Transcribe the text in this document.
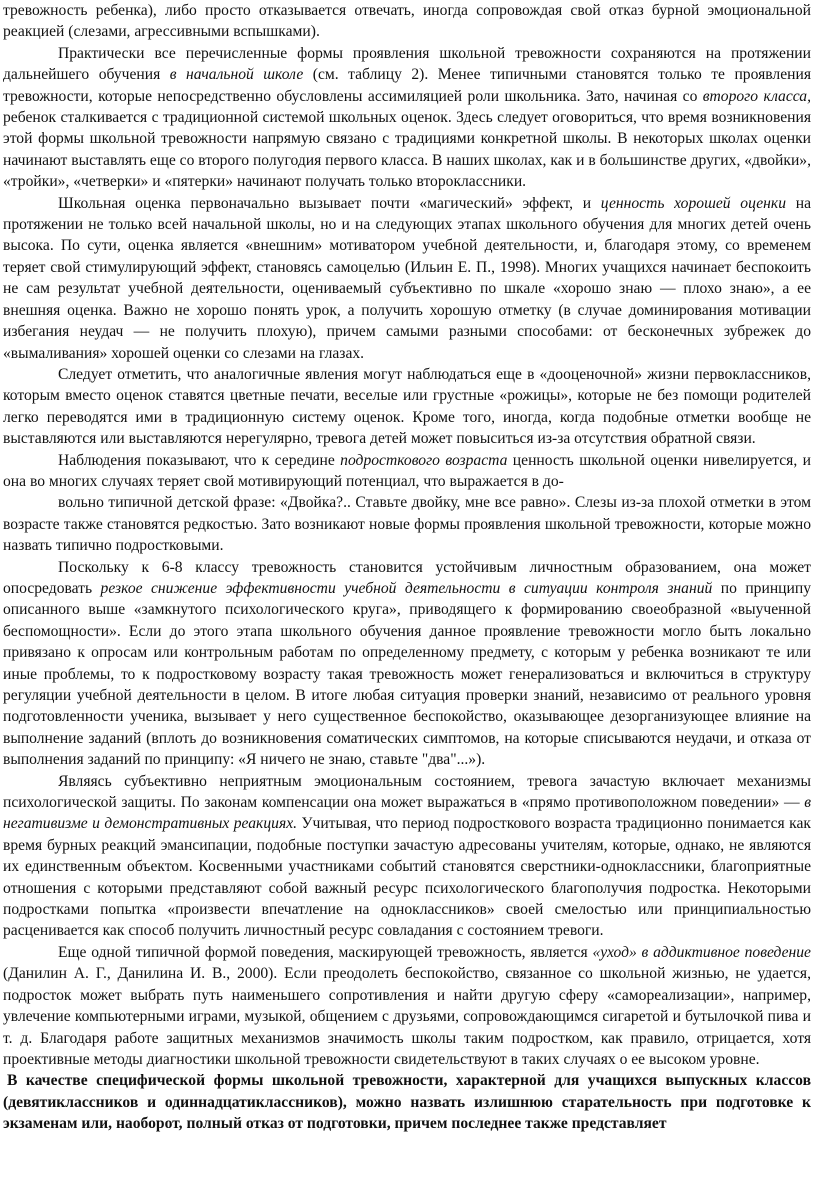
тревожность ребенка), либо просто отказывается отвечать, иногда сопровождая свой отказ бурной эмоциональной реакцией (слезами, агрессивными вспышками).

Практически все перечисленные формы проявления школьной тревожности сохраняются на протяжении дальнейшего обучения в начальной школе (см. таблицу 2). Менее типичными становятся только те проявления тревожности, которые непосредственно обусловлены ассимиляцией роли школьника. Зато, начиная со второго класса, ребенок сталкивается с традиционной системой школьных оценок. Здесь следует оговориться, что время возникновения этой формы школьной тревожности напрямую связано с традициями конкретной школы. В некоторых школах оценки начинают выставлять еще со второго полугодия первого класса. В наших школах, как и в большинстве других, «двойки», «тройки», «четверки» и «пятерки» начинают получать только второклассники.

Школьная оценка первоначально вызывает почти «магический» эффект, и ценность хорошей оценки на протяжении не только всей начальной школы, но и на следующих этапах школьного обучения для многих детей очень высока. По сути, оценка является «внешним» мотиватором учебной деятельности, и, благодаря этому, со временем теряет свой стимулирующий эффект, становясь самоцелью (Ильин Е. П., 1998). Многих учащихся начинает беспокоить не сам результат учебной деятельности, оцениваемый субъективно по шкале «хорошо знаю — плохо знаю», а ее внешняя оценка. Важно не хорошо понять урок, а получить хорошую отметку (в случае доминирования мотивации избегания неудач — не получить плохую), причем самыми разными способами: от бесконечных зубрежек до «вымаливания» хорошей оценки со слезами на глазах.

Следует отметить, что аналогичные явления могут наблюдаться еще в «дооценочной» жизни первоклассников, которым вместо оценок ставятся цветные печати, веселые или грустные «рожицы», которые не без помощи родителей легко переводятся ими в традиционную систему оценок. Кроме того, иногда, когда подобные отметки вообще не выставляются или выставляются нерегулярно, тревога детей может повыситься из-за отсутствия обратной связи.

Наблюдения показывают, что к середине подросткового возраста ценность школьной оценки нивелируется, и она во многих случаях теряет свой мотивирующий потенциал, что выражается в до-

вольно типичной детской фразе: «Двойка?.. Ставьте двойку, мне все равно». Слезы из-за плохой отметки в этом возрасте также становятся редкостью. Зато возникают новые формы проявления школьной тревожности, которые можно назвать типично подростковыми.

Поскольку к 6-8 классу тревожность становится устойчивым личностным образованием, она может опосредовать резкое снижение эффективности учебной деятельности в ситуации контроля знаний по принципу описанного выше «замкнутого психологического круга», приводящего к формированию своеобразной «выученной беспомощности». Если до этого этапа школьного обучения данное проявление тревожности могло быть локально привязано к опросам или контрольным работам по определенному предмету, с которым у ребенка возникают те или иные проблемы, то к подростковому возрасту такая тревожность может генерализоваться и включиться в структуру регуляции учебной деятельности в целом. В итоге любая ситуация проверки знаний, независимо от реального уровня подготовленности ученика, вызывает у него существенное беспокойство, оказывающее дезорганизующее влияние на выполнение заданий (вплоть до возникновения соматических симптомов, на которые списываются неудачи, и отказа от выполнения заданий по принципу: «Я ничего не знаю, ставьте "два"...»).

Являясь субъективно неприятным эмоциональным состоянием, тревога зачастую включает механизмы психологической защиты. По законам компенсации она может выражаться в «прямо противоположном поведении» — в негативизме и демонстративных реакциях. Учитывая, что период подросткового возраста традиционно понимается как время бурных реакций эмансипации, подобные поступки зачастую адресованы учителям, которые, однако, не являются их единственным объектом. Косвенными участниками событий становятся сверстники-одноклассники, благоприятные отношения с которыми представляют собой важный ресурс психологического благополучия подростка. Некоторыми подростками попытка «произвести впечатление на одноклассников» своей смелостью или принципиальностью расценивается как способ получить личностный ресурс совладания с состоянием тревоги.

Еще одной типичной формой поведения, маскирующей тревожность, является «уход» в аддиктивное поведение (Данилин А. Г., Данилина И. В., 2000). Если преодолеть беспокойство, связанное со школьной жизнью, не удается, подросток может выбрать путь наименьшего сопротивления и найти другую сферу «самореализации», например, увлечение компьютерными играми, музыкой, общением с друзьями, сопровождающимся сигаретой и бутылочкой пива и т. д. Благодаря работе защитных механизмов значимость школы таким подростком, как правило, отрицается, хотя проективные методы диагностики школьной тревожности свидетельствуют в таких случаях о ее высоком уровне.

В качестве специфической формы школьной тревожности, характерной для учащихся выпускных классов (девятиклассников и одиннадцатиклассников), можно назвать излишнюю старательность при подготовке к экзаменам или, наоборот, полный отказ от подготовки, причем последнее также представляет
